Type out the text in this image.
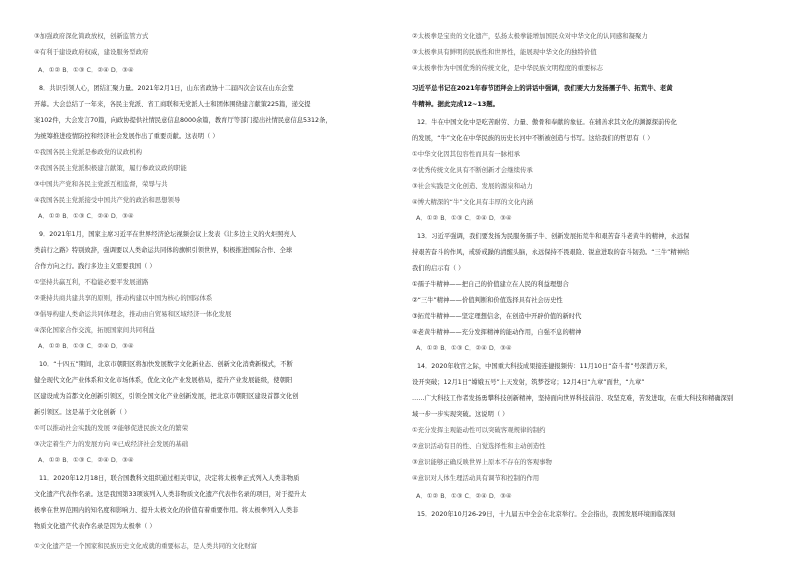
③加强政府深化简政放权，创新监管方式
④有利于建设政府权威，建设服务型政府
A．①② B．①③ C．②④ D．③④
8．共识引领人心，团结汇聚力量。2021年2月1日，山东省政协十二届四次会议在山东会堂
开幕。大会总结了一年来，各民主党派、省工商联和无党派人士和团体围绕建言献策225篇，递交提
案102件，大会发言70篇，向政协提供社情民意信息8000余篇，教育厅等部门提出社情民意信息5312条，
为统筹推进疫情防控和经济社会发展作出了重要贡献。这表明（ ）
①我国各民主党派是参政党的议政机构
②我国各民主党派积极建言献策，履行参政议政的职能
③中国共产党和各民主党派互相监督，荣辱与共
④我国各民主党派接受中国共产党的政治和思想领导
A．①② B．①③ C．②④ D．③④
9．2021年1月，国家主席习近平在世界经济论坛视频会议上发表《让多边主义的火炬照亮人
类前行之路》特别致辞，强调要以人类命运共同体的旗帜引领世界，积极推进国际合作、全球
合作方向之行。践行多边主义需要我国（ ）
①坚持共赢互利，不稳能必要平发展道路
②秉持共商共建共享的原则，推动构建以中国为核心的国际体系
③倡导构建人类命运共同体理念，推动由自贸易和区域经济一体化发展
④深化国家合作交流，拓展国家间共同利益
A．①② B．①③ C．②④ D．③④
10．“十四五”期间，北京市朝阳区将加快发展数字文化新业态、创新文化消费新模式，不断
健全现代文化产业体系和文化市场体系，优化文化产业发展格局，提升产业发展能级，使朝阳
区建设成为首都文化创新引领区，引领全国文化产业创新发展，把北京市朝阳区建设首都文化创
新引领区。这是基于文化创新（ ）
①可以推动社会实践的发展 ②能够促进民族文化的繁荣
③决定着生产力的发展方向 ④已成经济社会发展的基础
A．①② B．①③ C．②④ D．③④
11．2020年12月18日，联合国教科文组织通过相关审议，决定将太极拳正式列入人类非物质
文化遗产代表作名录。这是我国第33项该列入人类非物质文化遗产代表作名录的项目，对于提升太
极拳在世界范围内的知名度和影响力、提升太极文化的价值有着重要作用。将太极拳列入人类非
物质文化遗产代表作名录是因为太极拳（ ）
①文化遗产是一个国家和民族历史文化成就的重要标志，是人类共同的文化财富
②太极拳是宝贵的文化遗产，弘扬太极拳能增加国民众对中华文化的认同感和凝聚力
③太极拳具有鲜明的民族性和世界性，能展现中华文化的独特价值
④太极拳作为中国优秀的传统文化，是中华民族文明程度的重要标志
习近平总书记在2021年春节团拜会上的讲话中强调，我们要大力发扬孺子牛、拓荒牛、老黄
牛精神。据此完成12~13题。
12．牛在中国文化中是吃苦耐劳、力量、傲骨和奉献的象征。在辅善求其文化的渊源探前传化
的发展，“牛”文化在中华民族的历史长河中不断被创造与书写。这给我们的哲思有（ ）
①中华文化因其包容性而具有一脉相承
②优秀传统文化具有不断创新才会继续传承
③社会实践是文化创造、发展的源泉和动力
④博大精深的“牛”文化具有丰厚的文化内涵
A．①② B．①③ C．②④ D．③④
13．习近平强调，我们要发扬为民服务孺子牛、创新发展拓荒牛和艰苦奋斗老黄牛的精神，永远保
持艰苦奋斗的作风，戒骄戒躁的清醒头脑，永远保持不畏艰险、锐意进取的奋斗韧劲。“三牛”精神给
我们的启示有（ ）
①孺子牛精神——把自己的价值建立在人民的利益理想合
②“三牛”精神——价值判断和价值选择具有社会历史性
③拓荒牛精神——坚定理想信念，在创造中开辟价值的新时代
④老黄牛精神——充分发挥精神的能动作用，自强不息的精神
A．①② B．①③ C．②④ D．③④
14．2020年收官之际，中国重大科技成果接连捷报频传：11月10日“奋斗者”号深潜万米，
设开突破；12月1日“嫦娥五号”上天发射，筑梦苍穹；12月4日“九章”面世，“九章”
……广大科技工作者发扬勇攀科技创新精神，坚持面向世界科技前沿、攻坚克难，苦发进取，在重大科技和精确深别
域一步一步实现突破。这说明（ ）
①充分发挥主观能动性可以突破客观规律的制约
②意识活动有目的性、自觉选择性和主动创造性
③意识能够正确反映世界上原本不存在的客观事物
④意识对人体生理活动具有调节和控制的作用
A．①② B．①③ C．②④ D．③④
15．2020年10月26-29日，十九届五中全会在北京举行。全会指出，我国发展环境面临深刻
